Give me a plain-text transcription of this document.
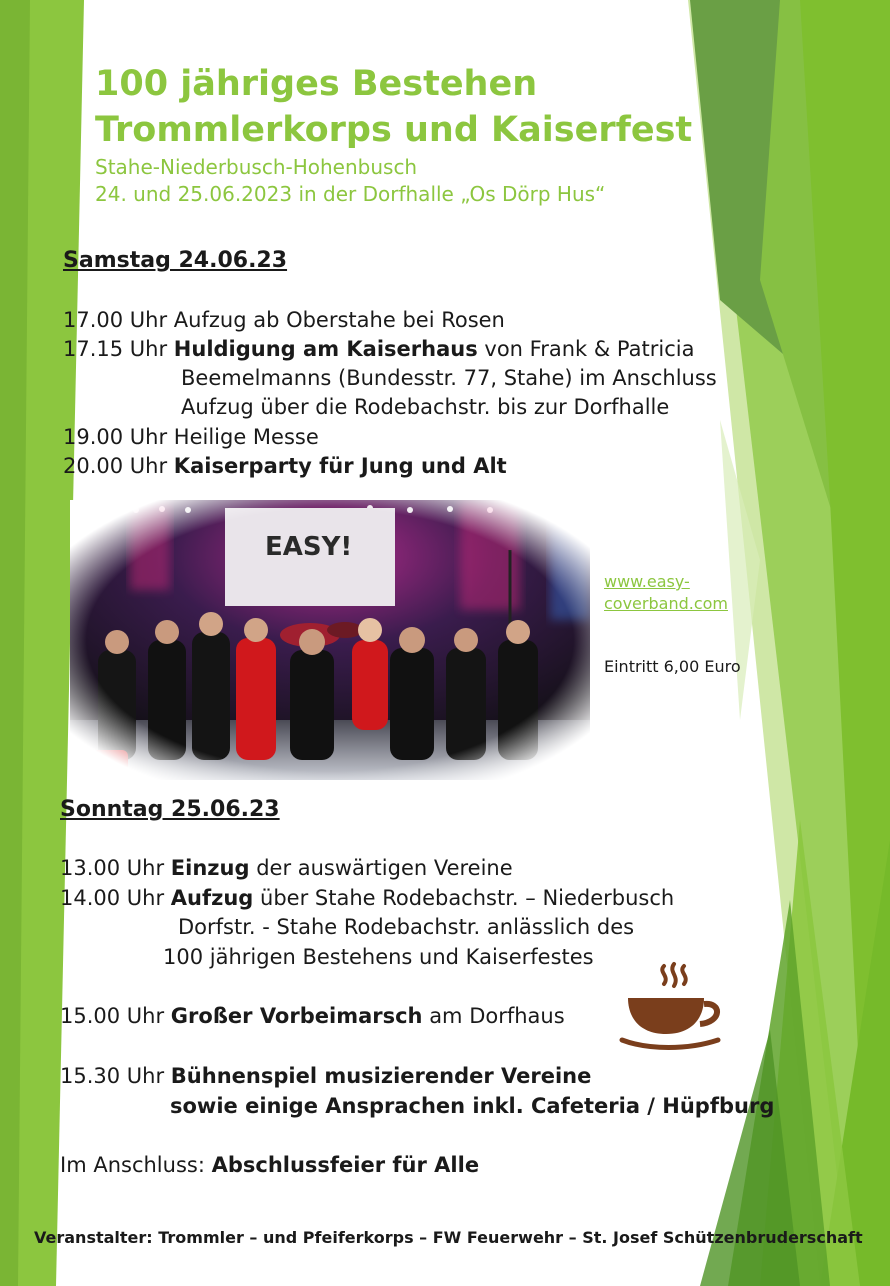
100 jähriges Bestehen
Trommlerkorps und Kaiserfest
Stahe-Niederbusch-Hohenbusch
24. und 25.06.2023 in der Dorfhalle „Os Dörp Hus“
Samstag 24.06.23
17.00 Uhr Aufzug ab Oberstahe bei Rosen
17.15 Uhr Huldigung am Kaiserhaus von Frank & Patricia
Beemelmanns (Bundesstr. 77, Stahe) im Anschluss
Aufzug über die Rodebachstr. bis zur Dorfhalle
19.00 Uhr Heilige Messe
20.00 Uhr Kaiserparty für Jung und Alt
www.easy-
coverband.com
Eintritt 6,00 Euro
Sonntag 25.06.23
13.00 Uhr Einzug der auswärtigen Vereine
14.00 Uhr Aufzug über Stahe Rodebachstr. – Niederbusch
Dorfstr. - Stahe Rodebachstr. anlässlich des
100 jährigen Bestehens und Kaiserfestes
15.00 Uhr Großer Vorbeimarsch am Dorfhaus
15.30 Uhr Bühnenspiel musizierender Vereine
sowie einige Ansprachen inkl. Cafeteria / Hüpfburg
Im Anschluss: Abschlussfeier für Alle
Veranstalter: Trommler – und Pfeiferkorps – FW Feuerwehr – St. Josef Schützenbruderschaft
